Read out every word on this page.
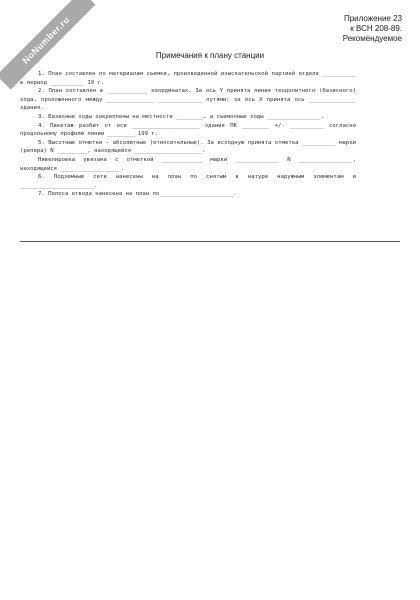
NoNumber.ru	Приложение 23
к ВСН 208-89.
Рекомендуемое
Примечания к плану станции

1. План составлен по материалам съемки, произведенной изыскательской партией отдела __________ в период __________ 19 г.

2. План составлен в ____________ координатах. За ось Y принята линия теодолитного (базисного) хода, проложенного между ______________ _____________ путями; за ось X принята ось ______________ здания.

3. Базисные ходы закреплены на местности ________, а съемочные ходы ________________.

4. Пикетаж разбит от оси ____________________ здания ПК ________ +/- __________ согласно продольному профилю линии ________ 199 г.

5. Высотные отметки - абсолютные (относительные). За исходную принята отметка __________ марки (репера) N _________, находящейся ____________________.

Нивелировка увязана с отметкой ____________ марки _____________ N ________________, находящейся __________________.

6. Подземные сети нанесены на план по снятым в натуре наружным элементам и ______________________.

7. Полоса отвода нанесена на план по______________________.
